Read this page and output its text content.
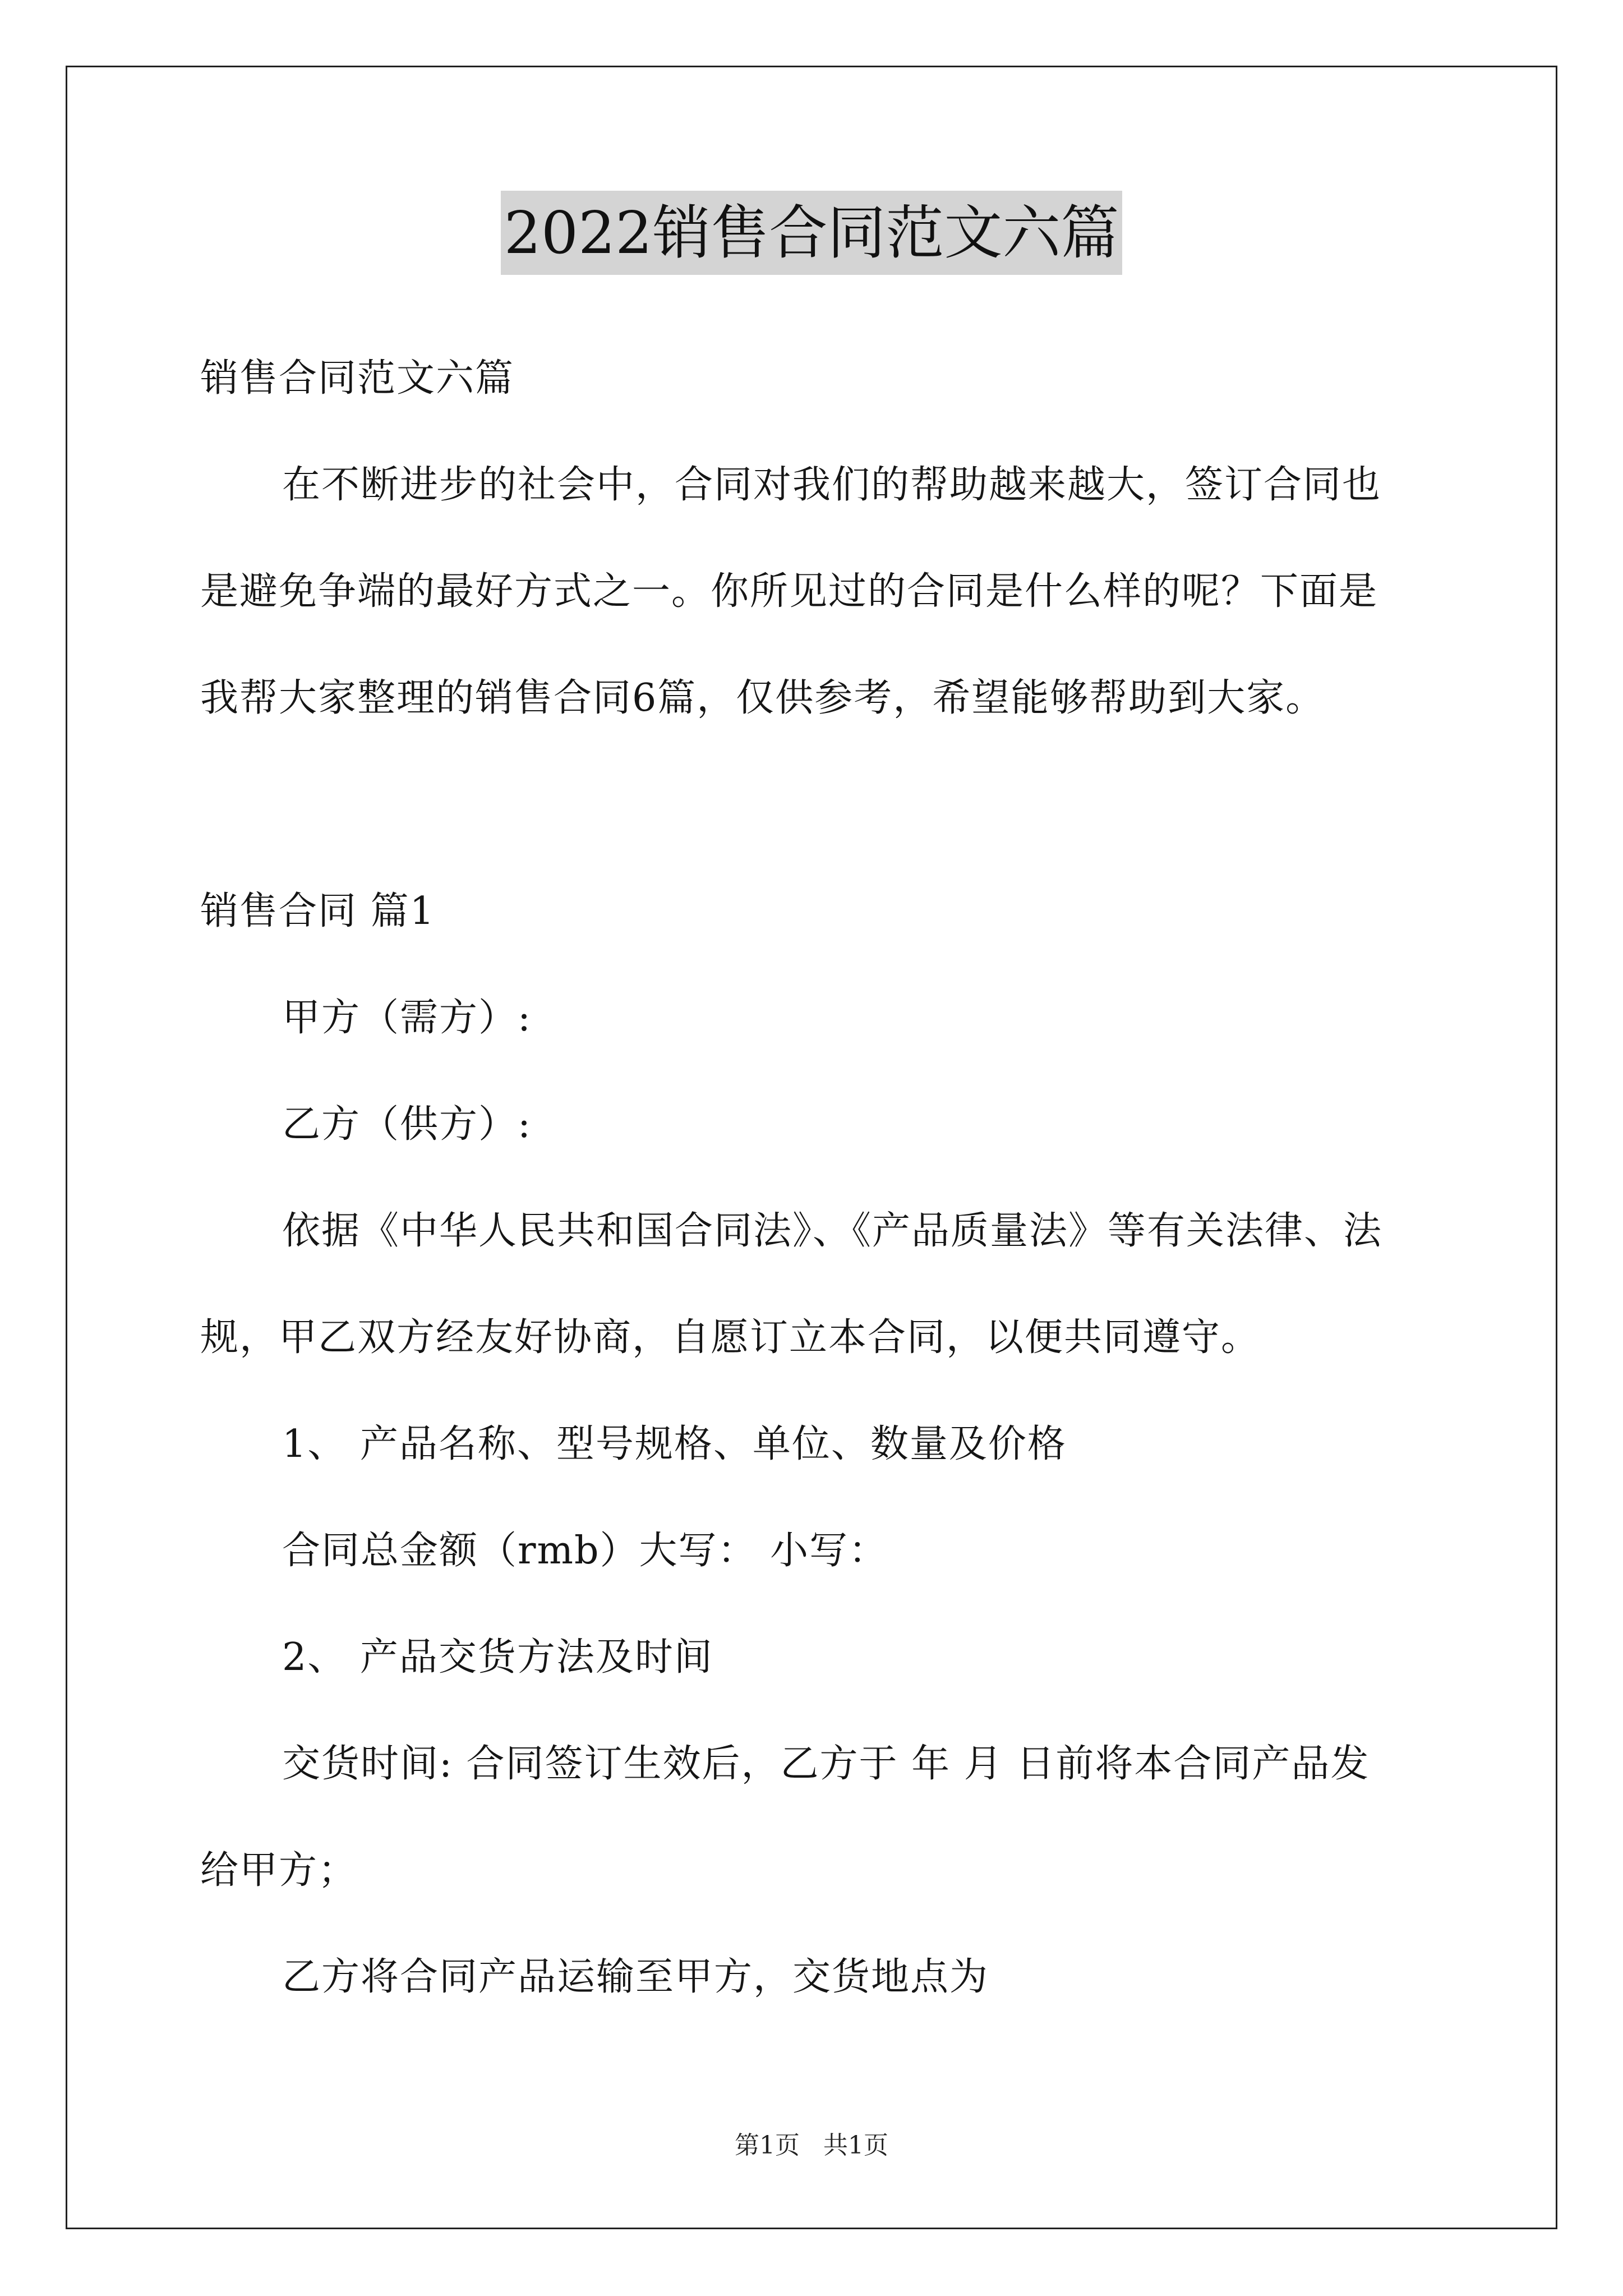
2022销售合同范文六篇
销售合同范文六篇
在不断进步的社会中，合同对我们的帮助越来越大，签订合同也
是避免争端的最好方式之一。你所见过的合同是什么样的呢？下面是
我帮大家整理的销售合同6篇，仅供参考，希望能够帮助到大家。
销售合同 篇1
甲方（需方）:
乙方（供方）:
依据《中华人民共和国合同法》、《产品质量法》等有关法律、法
规，甲乙双方经友好协商，自愿订立本合同，以便共同遵守。
1、 产品名称、型号规格、单位、数量及价格
合同总金额（rmb）大写： 小写：
2、 产品交货方法及时间
交货时间: 合同签订生效后，乙方于 年 月 日前将本合同产品发
给甲方；
乙方将合同产品运输至甲方，交货地点为
第1页 共1页
